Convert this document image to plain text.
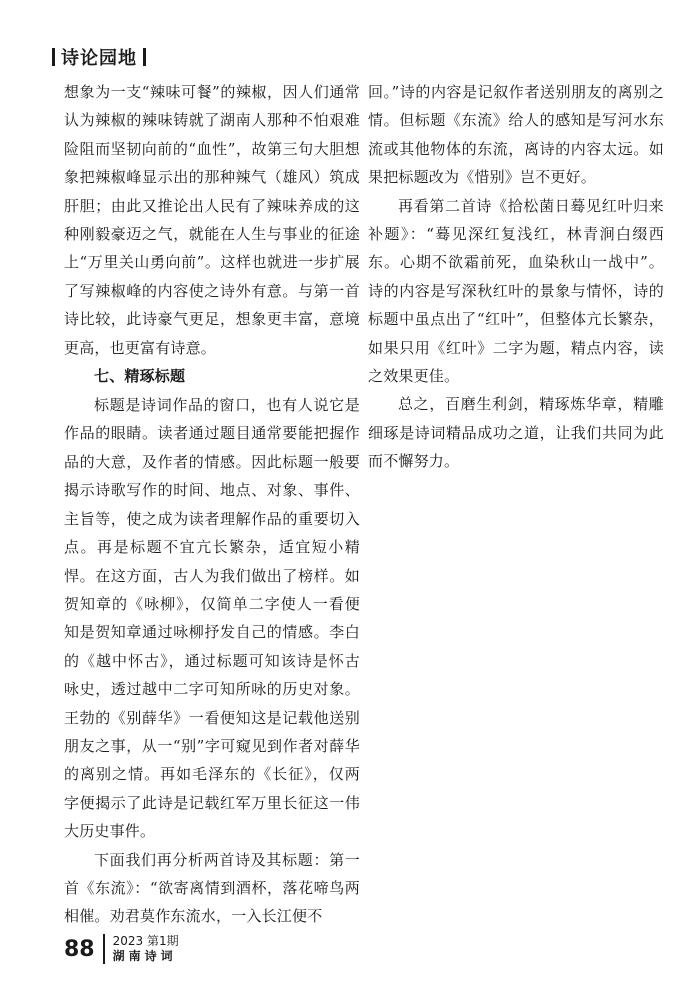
诗论园地

想象为一支“辣味可餐”的辣椒，因人们通常认为辣椒的辣味铸就了湖南人那种不怕艰难险阻而坚韧向前的“血性”，故第三句大胆想象把辣椒峰显示出的那种辣气（雄风）筑成肝胆；由此又推论出人民有了辣味养成的这种刚毅豪迈之气，就能在人生与事业的征途上“万里关山勇向前”。这样也就进一步扩展了写辣椒峰的内容使之诗外有意。与第一首诗比较，此诗豪气更足，想象更丰富，意境更高，也更富有诗意。

七、精琢标题

标题是诗词作品的窗口，也有人说它是作品的眼睛。读者通过题目通常要能把握作品的大意，及作者的情感。因此标题一般要揭示诗歌写作的时间、地点、对象、事件、主旨等，使之成为读者理解作品的重要切入点。再是标题不宜亢长繁杂，适宜短小精悍。在这方面，古人为我们做出了榜样。如贺知章的《咏柳》，仅简单二字使人一看便知是贺知章通过咏柳抒发自己的情感。李白的《越中怀古》，通过标题可知该诗是怀古咏史，透过越中二字可知所咏的历史对象。王勃的《别薛华》一看便知这是记载他送别朋友之事，从一“别”字可窥见到作者对薛华的离别之情。再如毛泽东的《长征》，仅两字便揭示了此诗是记载红军万里长征这一伟大历史事件。

下面我们再分析两首诗及其标题：第一首《东流》：“欲寄离情到酒杯，落花啼鸟两相催。劝君莫作东流水，一入长江便不

回。”诗的内容是记叙作者送别朋友的离别之情。但标题《东流》给人的感知是写河水东流或其他物体的东流，离诗的内容太远。如果把标题改为《惜别》岂不更好。

再看第二首诗《拾松菌日蓦见红叶归来补题》：“蓦见深红复浅红，林青涧白缀西东。心期不欲霜前死，血染秋山一战中”。诗的内容是写深秋红叶的景象与情怀，诗的标题中虽点出了“红叶”，但整体亢长繁杂，如果只用《红叶》二字为题，精点内容，读之效果更佳。

总之，百磨生利剑，精琢炼华章，精雕细琢是诗词精品成功之道，让我们共同为此而不懈努力。

88 2023 第1期
湖南诗词
